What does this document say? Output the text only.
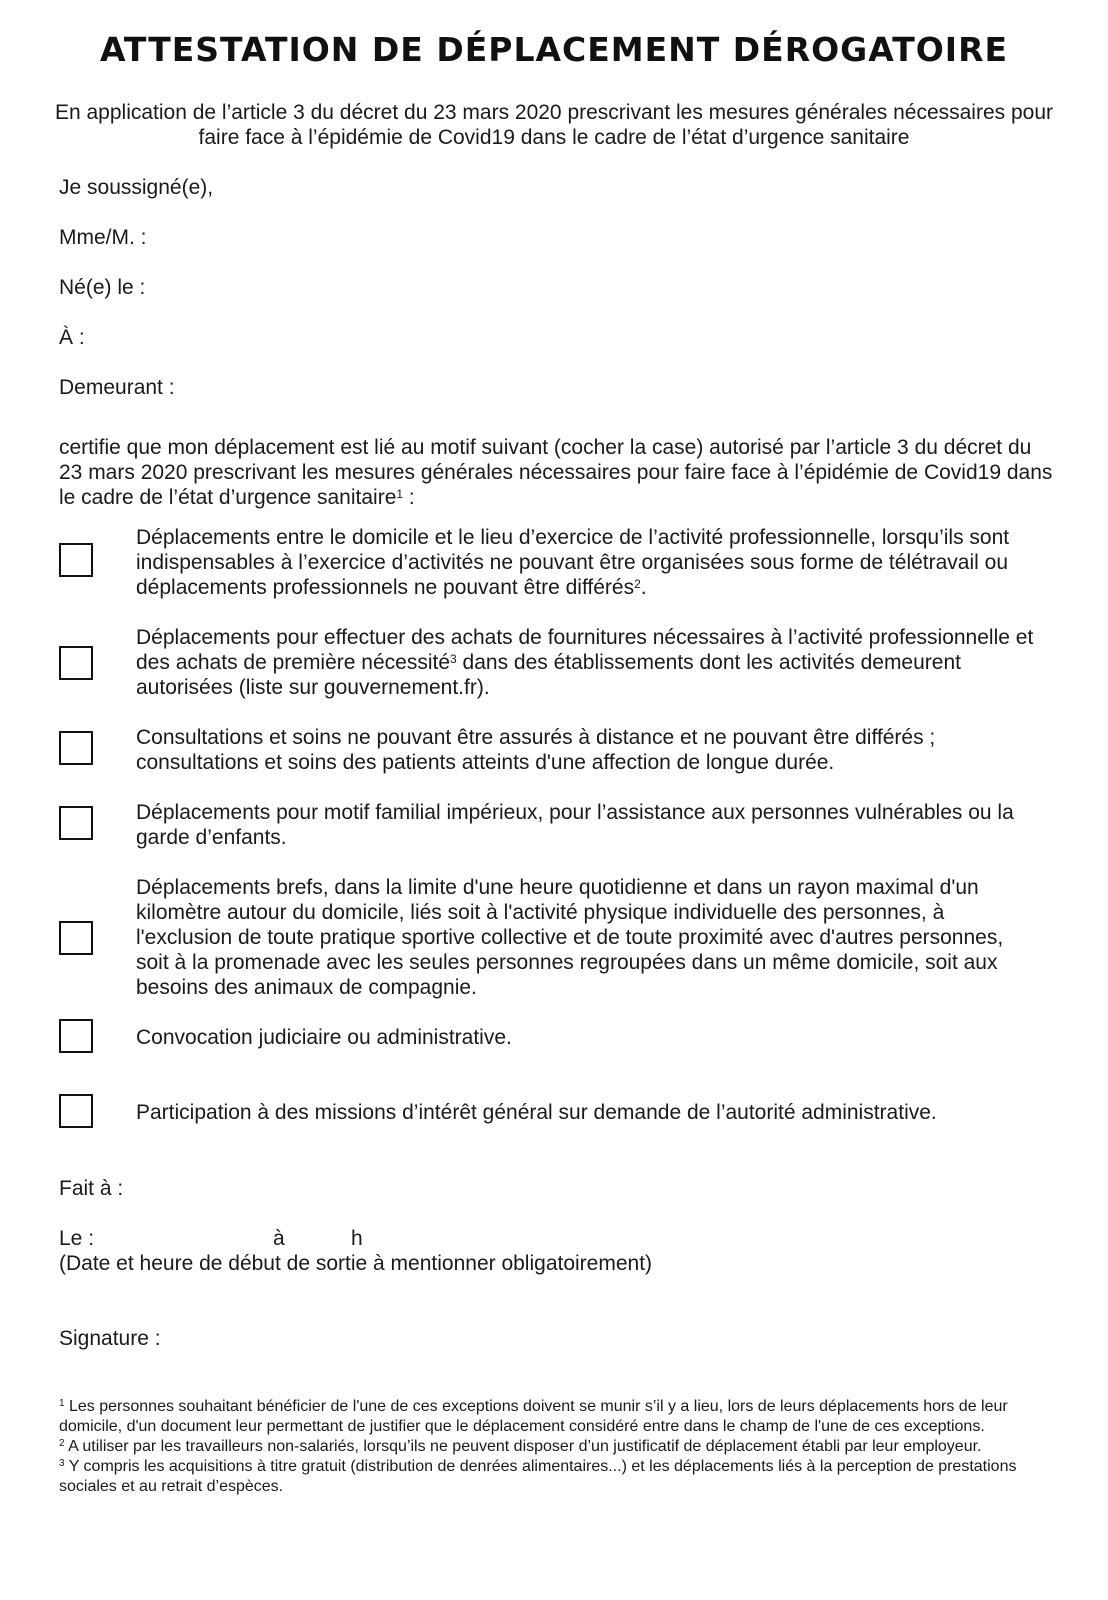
ATTESTATION DE DÉPLACEMENT DÉROGATOIRE

En application de l’article 3 du décret du 23 mars 2020 prescrivant les mesures générales nécessaires pour faire face à l’épidémie de Covid19 dans le cadre de l’état d’urgence sanitaire

Je soussigné(e),

Mme/M. :

Né(e) le :

À :

Demeurant :

certifie que mon déplacement est lié au motif suivant (cocher la case) autorisé par l’article 3 du décret du 23 mars 2020 prescrivant les mesures générales nécessaires pour faire face à l’épidémie de Covid19 dans le cadre de l’état d’urgence sanitaire$^1$ :

Déplacements entre le domicile et le lieu d’exercice de l’activité professionnelle, lorsqu’ils sont indispensables à l’exercice d’activités ne pouvant être organisées sous forme de télétravail ou déplacements professionnels ne pouvant être différés$^2$.

Déplacements pour effectuer des achats de fournitures nécessaires à l’activité professionnelle et des achats de première nécessité$^3$ dans des établissements dont les activités demeurent autorisées (liste sur gouvernement.fr).

Consultations et soins ne pouvant être assurés à distance et ne pouvant être différés ; consultations et soins des patients atteints d'une affection de longue durée.

Déplacements pour motif familial impérieux, pour l’assistance aux personnes vulnérables ou la garde d’enfants.

Déplacements brefs, dans la limite d'une heure quotidienne et dans un rayon maximal d'un kilomètre autour du domicile, liés soit à l'activité physique individuelle des personnes, à l'exclusion de toute pratique sportive collective et de toute proximité avec d'autres personnes, soit à la promenade avec les seules personnes regroupées dans un même domicile, soit aux besoins des animaux de compagnie.

Convocation judiciaire ou administrative.

Participation à des missions d’intérêt général sur demande de l’autorité administrative.

Fait à :

Le :	à	h

(Date et heure de début de sortie à mentionner obligatoirement)

Signature :

$^1$ Les personnes souhaitant bénéficier de l'une de ces exceptions doivent se munir s’il y a lieu, lors de leurs déplacements hors de leur domicile, d'un document leur permettant de justifier que le déplacement considéré entre dans le champ de l'une de ces exceptions.

$^2$ A utiliser par les travailleurs non-salariés, lorsqu’ils ne peuvent disposer d’un justificatif de déplacement établi par leur employeur.

$^3$ Y compris les acquisitions à titre gratuit (distribution de denrées alimentaires...) et les déplacements liés à la perception de prestations sociales et au retrait d’espèces.
